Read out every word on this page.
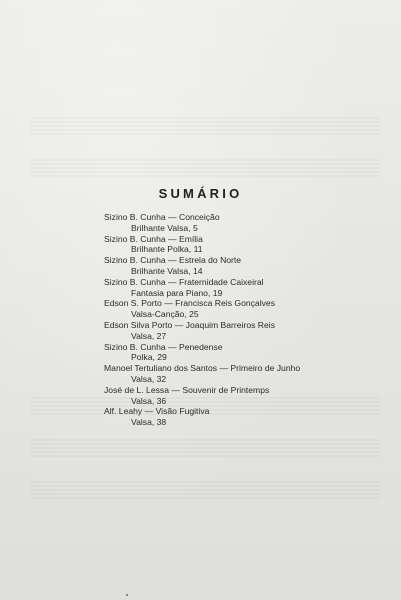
SUMÁRIO
Sizino B. Cunha — Conceição
Brilhante Valsa, 5
Sizino B. Cunha — Emília
Brilhante Polka, 11
Sizino B. Cunha — Estrela do Norte
Brilhante Valsa, 14
Sizino B. Cunha — Fraternidade Caixeiral
Fantasia para Piano, 19
Edson S. Porto — Francisca Reis Gonçalves
Valsa-Canção, 25
Edson Silva Porto — Joaquim Barreiros Reis
Valsa, 27
Sizino B. Cunha — Penedense
Polka, 29
Manoel Tertuliano dos Santos — Primeiro de Junho
Valsa, 32
José de L. Lessa — Souvenir de Printemps
Valsa, 36
Alf. Leahy — Visão Fugitiva
Valsa, 38
